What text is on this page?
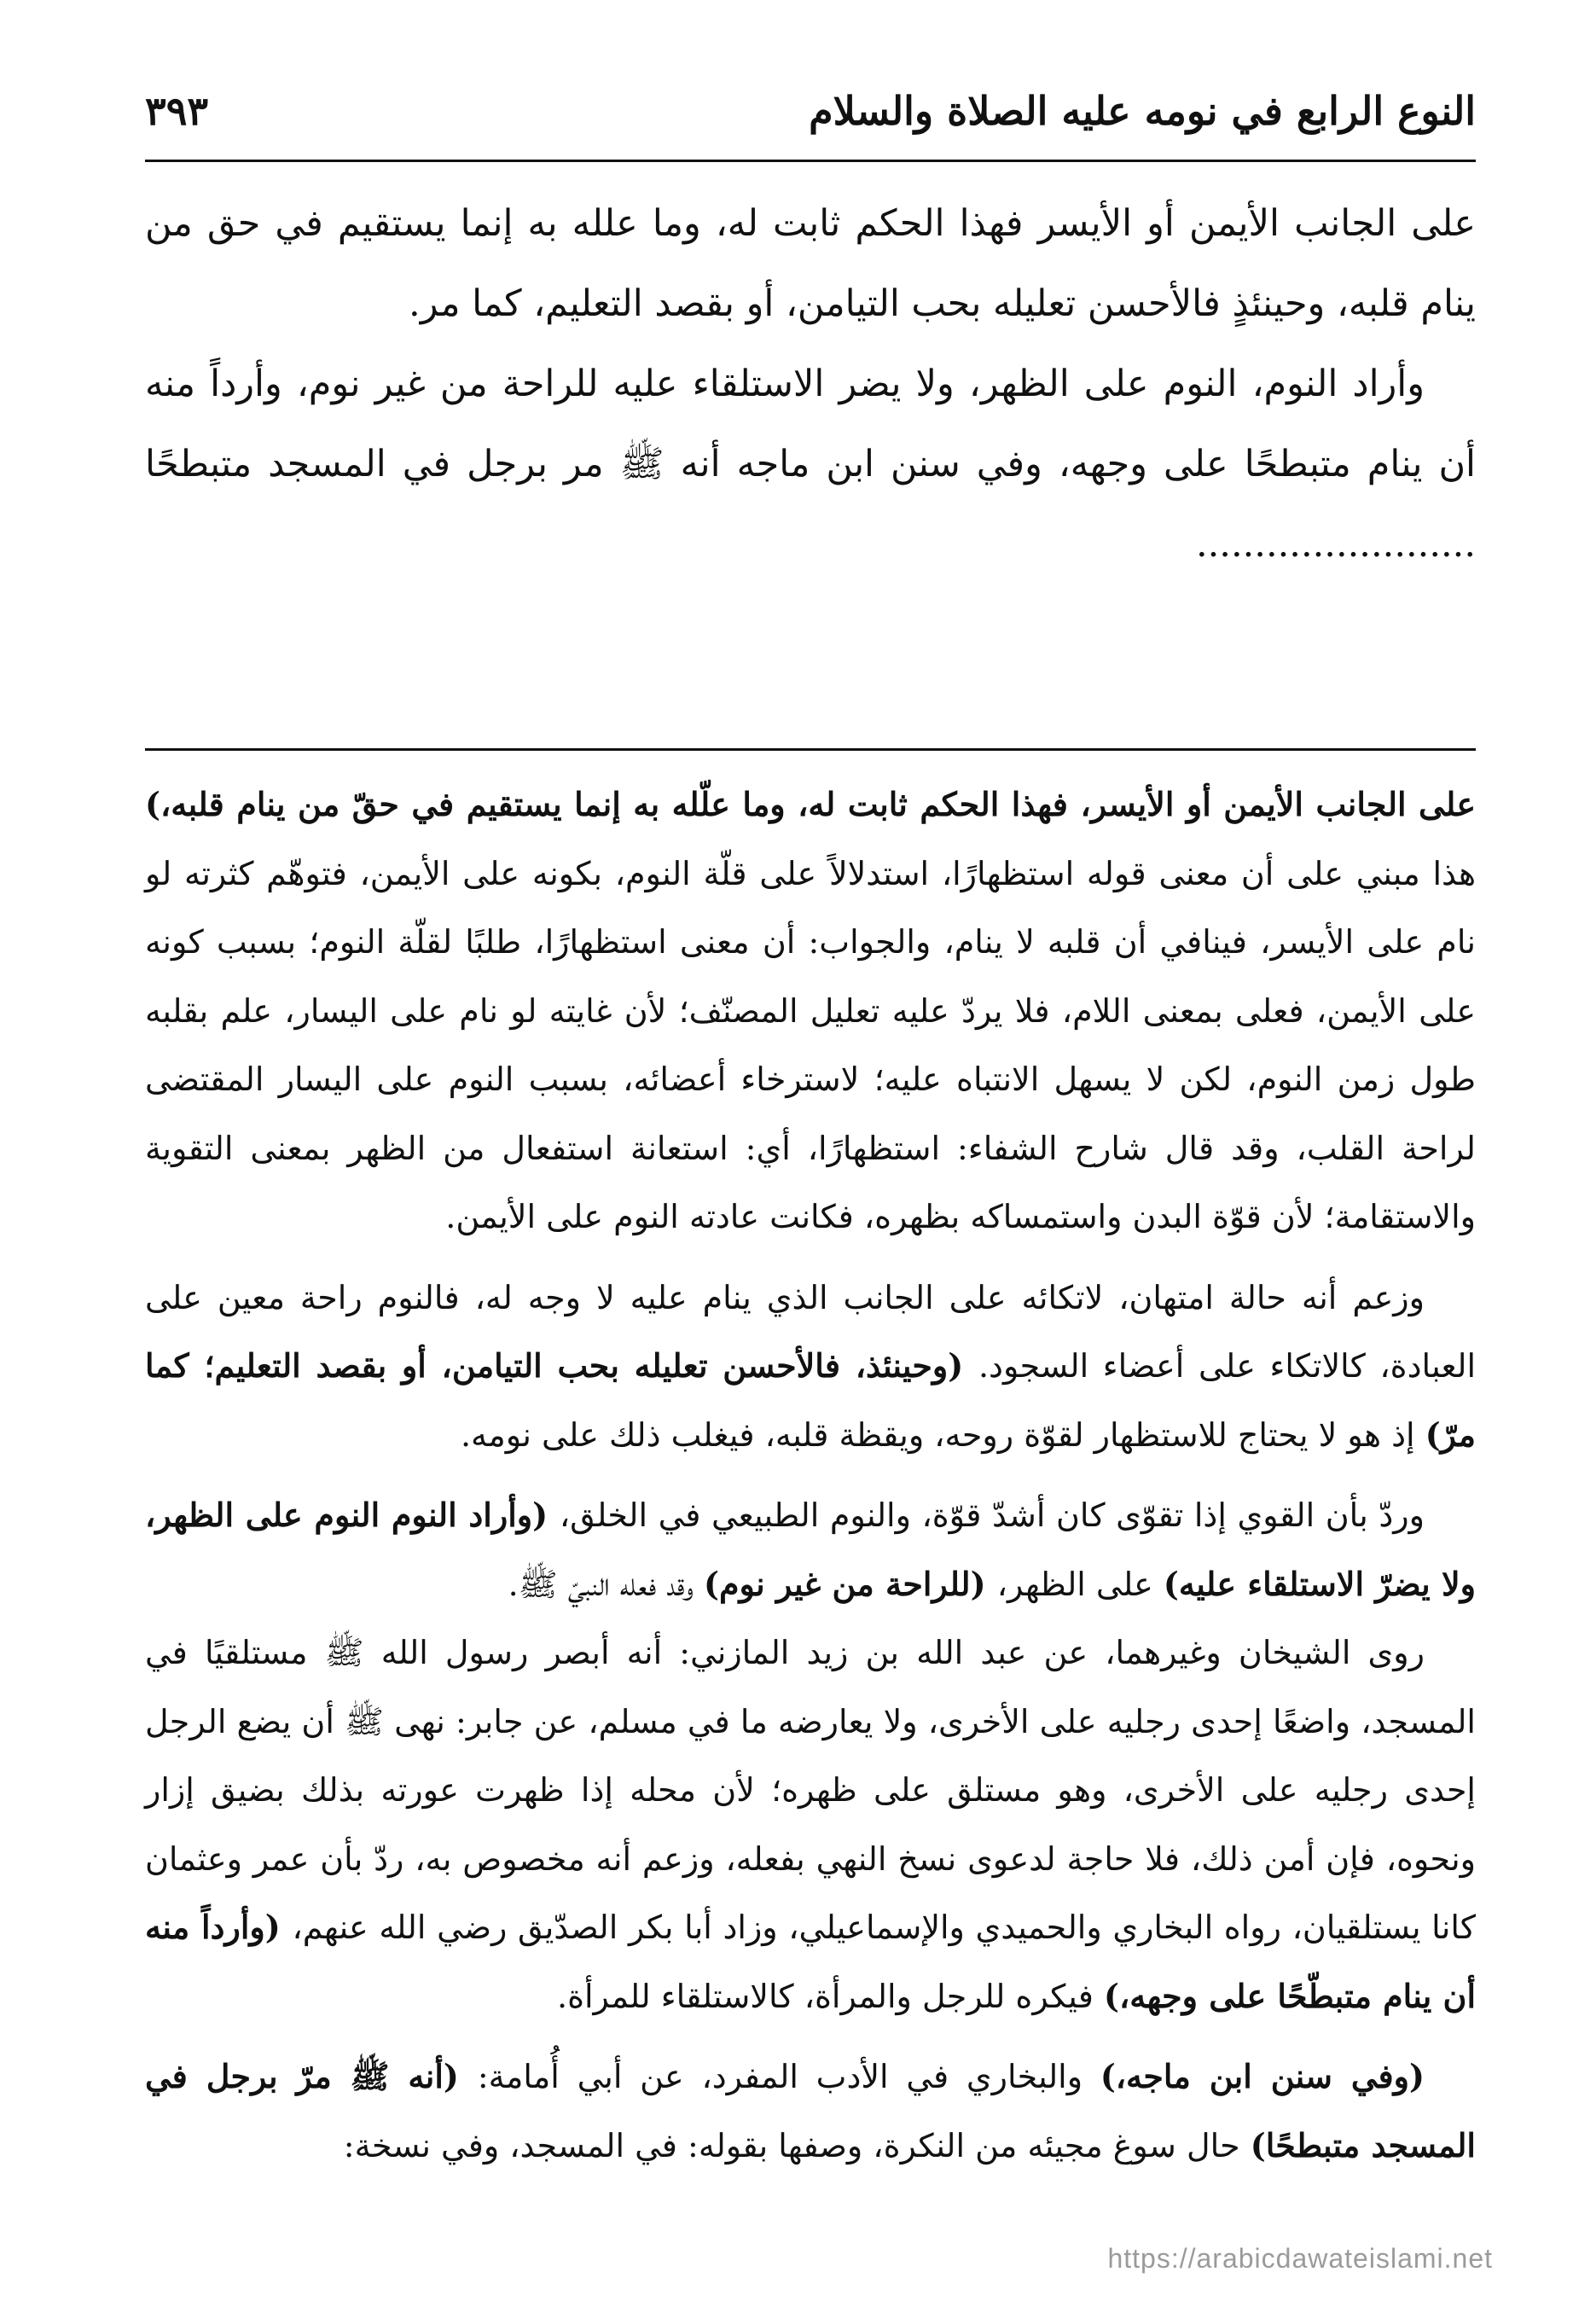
النوع الرابع في نومه عليه الصلاة والسلام
٣٩٣

على الجانب الأيمن أو الأيسر فهذا الحكم ثابت له، وما علله به إنما يستقيم في حق من ينام قلبه، وحينئذٍ فالأحسن تعليله بحب التيامن، أو بقصد التعليم، كما مر.

وأراد النوم، النوم على الظهر، ولا يضر الاستلقاء عليه للراحة من غير نوم، وأرداً منه أن ينام متبطحًا على وجهه، وفي سنن ابن ماجه أنه ﷺ مر برجل في المسجد متبطحًا ........................

على الجانب الأيمن أو الأيسر، فهذا الحكم ثابت له، وما علّله به إنما يستقيم في حقّ من ينام قلبه،) هذا مبني على أن معنى قوله استظهارًا، استدلالاً على قلّة النوم، بكونه على الأيمن، فتوهّم كثرته لو نام على الأيسر، فينافي أن قلبه لا ينام، والجواب: أن معنى استظهارًا، طلبًا لقلّة النوم؛ بسبب كونه على الأيمن، فعلى بمعنى اللام، فلا يردّ عليه تعليل المصنّف؛ لأن غايته لو نام على اليسار، علم بقلبه طول زمن النوم، لكن لا يسهل الانتباه عليه؛ لاسترخاء أعضائه، بسبب النوم على اليسار المقتضى لراحة القلب، وقد قال شارح الشفاء: استظهارًا، أي: استعانة استفعال من الظهر بمعنى التقوية والاستقامة؛ لأن قوّة البدن واستمساكه بظهره، فكانت عادته النوم على الأيمن.

وزعم أنه حالة امتهان، لاتكائه على الجانب الذي ينام عليه لا وجه له، فالنوم راحة معين على العبادة، كالاتكاء على أعضاء السجود. (وحينئذ، فالأحسن تعليله بحب التيامن، أو بقصد التعليم؛ كما مرّ) إذ هو لا يحتاج للاستظهار لقوّة روحه، ويقظة قلبه، فيغلب ذلك على نومه.

وردّ بأن القوي إذا تقوّى كان أشدّ قوّة، والنوم الطبيعي في الخلق، (وأراد النوم النوم على الظهر، ولا يضرّ الاستلقاء عليه) على الظهر، (للراحة من غير نوم) وقد فعله النبيّ ﷺ.

روى الشيخان وغيرهما، عن عبد الله بن زيد المازني: أنه أبصر رسول الله ﷺ مستلقيًا في المسجد، واضعًا إحدى رجليه على الأخرى، ولا يعارضه ما في مسلم، عن جابر: نهى ﷺ أن يضع الرجل إحدى رجليه على الأخرى، وهو مستلق على ظهره؛ لأن محله إذا ظهرت عورته بذلك بضيق إزار ونحوه، فإن أمن ذلك، فلا حاجة لدعوى نسخ النهي بفعله، وزعم أنه مخصوص به، ردّ بأن عمر وعثمان كانا يستلقيان، رواه البخاري والحميدي والإسماعيلي، وزاد أبا بكر الصدّيق رضي الله عنهم، (وأرداً منه أن ينام متبطّحًا على وجهه،) فيكره للرجل والمرأة، كالاستلقاء للمرأة.

(وفي سنن ابن ماجه،) والبخاري في الأدب المفرد، عن أبي أُمامة: (أنه ﷺ مرّ برجل في المسجد متبطحًا) حال سوغ مجيئه من النكرة، وصفها بقوله: في المسجد، وفي نسخة:

https://arabicdawateislami.net
